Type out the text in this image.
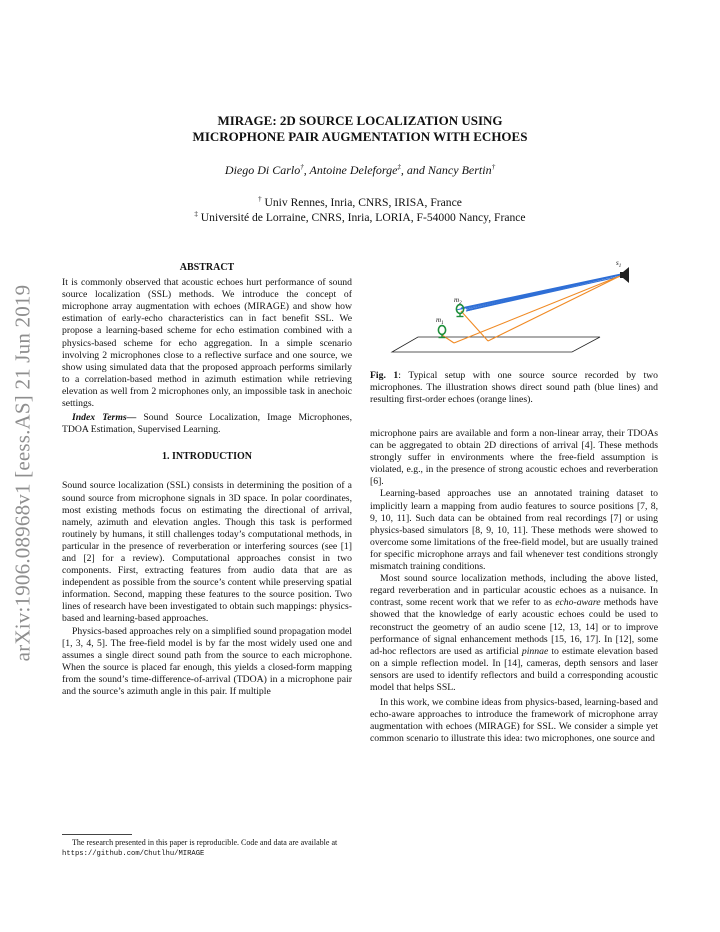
arXiv:1906.08968v1 [eess.AS] 21 Jun 2019
MIRAGE: 2D SOURCE LOCALIZATION USING
MICROPHONE PAIR AUGMENTATION WITH ECHOES
Diego Di Carlo†, Antoine Deleforge‡, and Nancy Bertin†
† Univ Rennes, Inria, CNRS, IRISA, France
‡ Université de Lorraine, CNRS, Inria, LORIA, F-54000 Nancy, France
ABSTRACT

It is commonly observed that acoustic echoes hurt performance of sound source localization (SSL) methods. We introduce the concept of microphone array augmentation with echoes (MIRAGE) and show how estimation of early-echo characteristics can in fact benefit SSL. We propose a learning-based scheme for echo estimation combined with a physics-based scheme for echo aggregation. In a simple scenario involving 2 microphones close to a reflective surface and one source, we show using simulated data that the proposed approach performs similarly to a correlation-based method in azimuth estimation while retrieving elevation as well from 2 microphones only, an impossible task in anechoic settings.

Index Terms— Sound Source Localization, Image Microphones, TDOA Estimation, Supervised Learning.

1. INTRODUCTION

Sound source localization (SSL) consists in determining the position of a sound source from microphone signals in 3D space. In polar coordinates, most existing methods focus on estimating the directional of arrival, namely, azimuth and elevation angles. Though this task is performed routinely by humans, it still challenges today’s computational methods, in particular in the presence of reverberation or interfering sources (see [1] and [2] for a review). Computational approaches consist in two components. First, extracting features from audio data that are as independent as possible from the source’s content while preserving spatial information. Second, mapping these features to the source position. Two lines of research have been investigated to obtain such mappings: physics-based and learning-based approaches.

Physics-based approaches rely on a simplified sound propagation model [1, 3, 4, 5]. The free-field model is by far the most widely used one and assumes a single direct sound path from the source to each microphone. When the source is placed far enough, this yields a closed-form mapping from the sound’s time-difference-of-arrival (TDOA) in a microphone pair and the source’s azimuth angle in this pair. If multiple

The research presented in this paper is reproducible. Code and data are available at https://github.com/Chutlhu/MIRAGE
$s_1$
$m_2$
$m_1$
Fig. 1: Typical setup with one source source recorded by two microphones. The illustration shows direct sound path (blue lines) and resulting first-order echoes (orange lines).

microphone pairs are available and form a non-linear array, their TDOAs can be aggregated to obtain 2D directions of arrival [4]. These methods strongly suffer in environments where the free-field assumption is violated, e.g., in the presence of strong acoustic echoes and reverberation [6].

Learning-based approaches use an annotated training dataset to implicitly learn a mapping from audio features to source positions [7, 8, 9, 10, 11]. Such data can be obtained from real recordings [7] or using physics-based simulators [8, 9, 10, 11]. These methods were showed to overcome some limitations of the free-field model, but are usually trained for specific microphone arrays and fail whenever test conditions strongly mismatch training conditions.

Most sound source localization methods, including the above listed, regard reverberation and in particular acoustic echoes as a nuisance. In contrast, some recent work that we refer to as echo-aware methods have showed that the knowledge of early acoustic echoes could be used to reconstruct the geometry of an audio scene [12, 13, 14] or to improve performance of signal enhancement methods [15, 16, 17]. In [12], some ad-hoc reflectors are used as artificial pinnae to estimate elevation based on a simple reflection model. In [14], cameras, depth sensors and laser sensors are used to identify reflectors and build a corresponding acoustic model that helps SSL.

In this work, we combine ideas from physics-based, learning-based and echo-aware approaches to introduce the framework of microphone array augmentation with echoes (MIRAGE) for SSL. We consider a simple yet common scenario to illustrate this idea: two microphones, one source and
